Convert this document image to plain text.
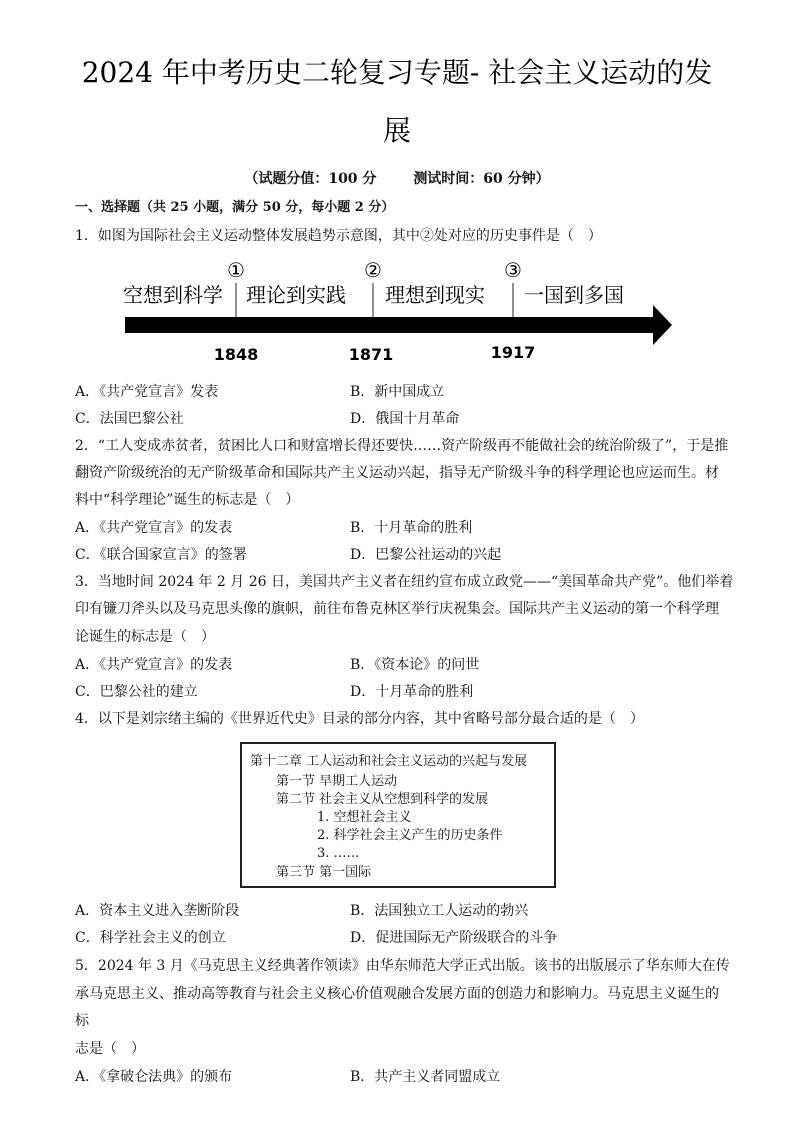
2024 年中考历史二轮复习专题- 社会主义运动的发
展
（试题分值：100 分	测试时间：60 分钟）
一、选择题（共 25 小题，满分 50 分，每小题 2 分）
1．如图为国际社会主义运动整体发展趋势示意图，其中②处对应的历史事件是（　）
空想到科学 理论到实践 理想到现实 一国到多国
①	②	③
1848	1871	1917
A．《共产党宣言》发表	B．新中国成立
C．法国巴黎公社	D．俄国十月革命
2．“工人变成赤贫者，贫困比人口和财富增长得还要快……资产阶级再不能做社会的统治阶级了”，于是推
翻资产阶级统治的无产阶级革命和国际共产主义运动兴起，指导无产阶级斗争的科学理论也应运而生。材
料中“科学理论”诞生的标志是（　）
A．《共产党宣言》的发表	B．十月革命的胜利
C．《联合国家宣言》的签署	D．巴黎公社运动的兴起
3．当地时间 2024 年 2 月 26 日，美国共产主义者在纽约宣布成立政党——“美国革命共产党”。他们举着
印有镰刀斧头以及马克思头像的旗帜，前往布鲁克林区举行庆祝集会。国际共产主义运动的第一个科学理
论诞生的标志是（　）
A．《共产党宣言》的发表	B．《资本论》的问世
C．巴黎公社的建立	D．十月革命的胜利
4．以下是刘宗绪主编的《世界近代史》目录的部分内容，其中省略号部分最合适的是（　）
第十二章 工人运动和社会主义运动的兴起与发展
第一节 早期工人运动
第二节 社会主义从空想到科学的发展
1. 空想社会主义
2. 科学社会主义产生的历史条件
3. ……
第三节 第一国际
A．资本主义进入垄断阶段	B．法国独立工人运动的勃兴
C．科学社会主义的创立	D．促进国际无产阶级联合的斗争
5．2024 年 3 月《马克思主义经典著作领读》由华东师范大学正式出版。该书的出版展示了华东师大在传
承马克思主义、推动高等教育与社会主义核心价值观融合发展方面的创造力和影响力。马克思主义诞生的
标
志是（　）
A．《拿破仑法典》的颁布	B．共产主义者同盟成立
